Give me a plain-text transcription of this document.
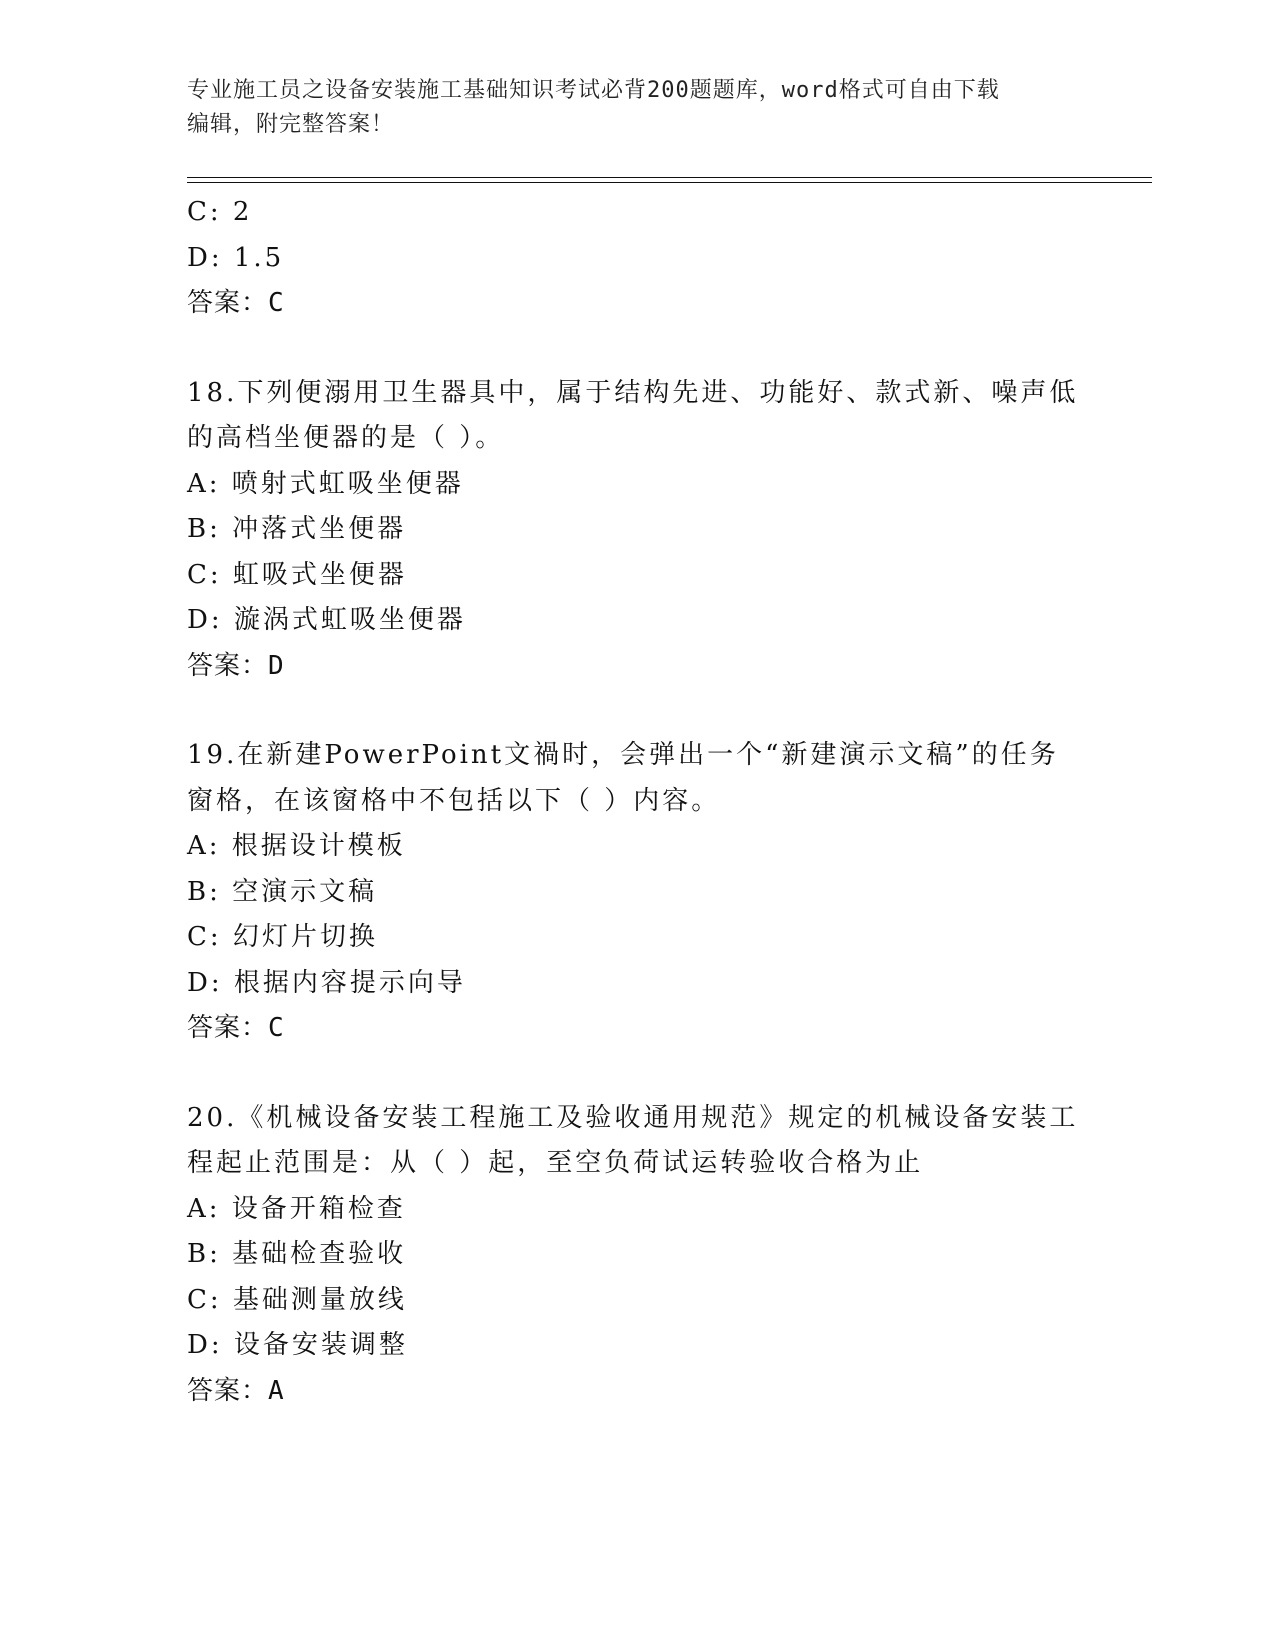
专业施工员之设备安装施工基础知识考试必背200题题库，word格式可自由下载
编辑，附完整答案！
C: 2
D: 1.5
答案：C
18.下列便溺用卫生器具中，属于结构先进、功能好、款式新、噪声低
的高档坐便器的是（ ）。
A: 喷射式虹吸坐便器
B: 冲落式坐便器
C: 虹吸式坐便器
D: 漩涡式虹吸坐便器
答案：D
19.在新建PowerPoint文禍时，会弹出一个“新建演示文稿”的任务
窗格，在该窗格中不包括以下（ ）内容。
A: 根据设计模板
B: 空演示文稿
C: 幻灯片切换
D: 根据内容提示向导
答案：C
20.《机械设备安装工程施工及验收通用规范》规定的机械设备安装工
程起止范围是：从（ ）起，至空负荷试运转验收合格为止
A: 设备开箱检查
B: 基础检查验收
C: 基础测量放线
D: 设备安装调整
答案：A
